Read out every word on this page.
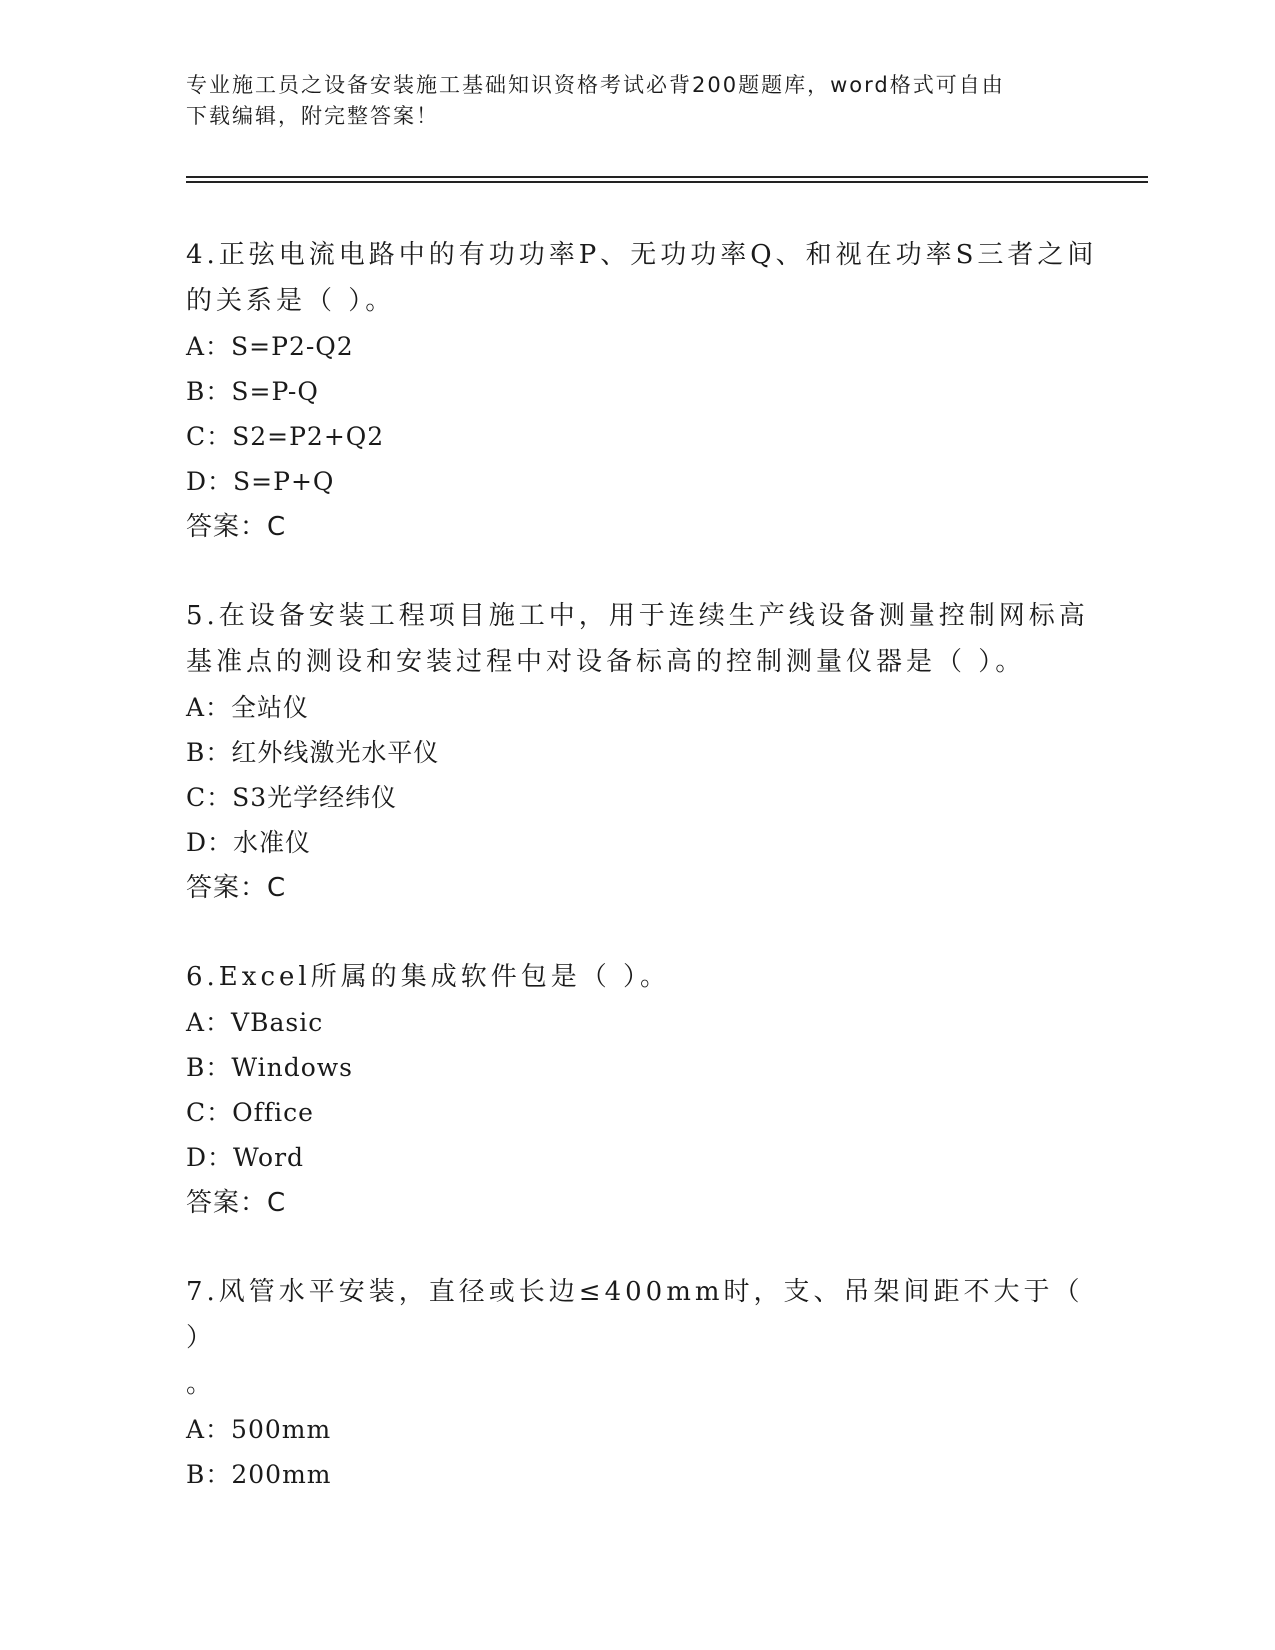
专业施工员之设备安装施工基础知识资格考试必背200题题库，word格式可自由
下载编辑，附完整答案！

4.正弦电流电路中的有功功率P、无功功率Q、和视在功率S三者之间
的关系是（ ）。

A：S=P2-Q2

B：S=P-Q

C：S2=P2+Q2

D：S=P+Q

答案：C

5.在设备安装工程项目施工中，用于连续生产线设备测量控制网标高
基准点的测设和安装过程中对设备标高的控制测量仪器是（ ）。

A：全站仪

B：红外线激光水平仪

C：S3光学经纬仪

D：水准仪

答案：C

6.Excel所属的集成软件包是（ ）。

A：VBasic

B：Windows

C：Office

D：Word

答案：C

7.风管水平安装，直径或长边≤400mm时，支、吊架间距不大于（ ）
。

A：500mm

B：200mm
